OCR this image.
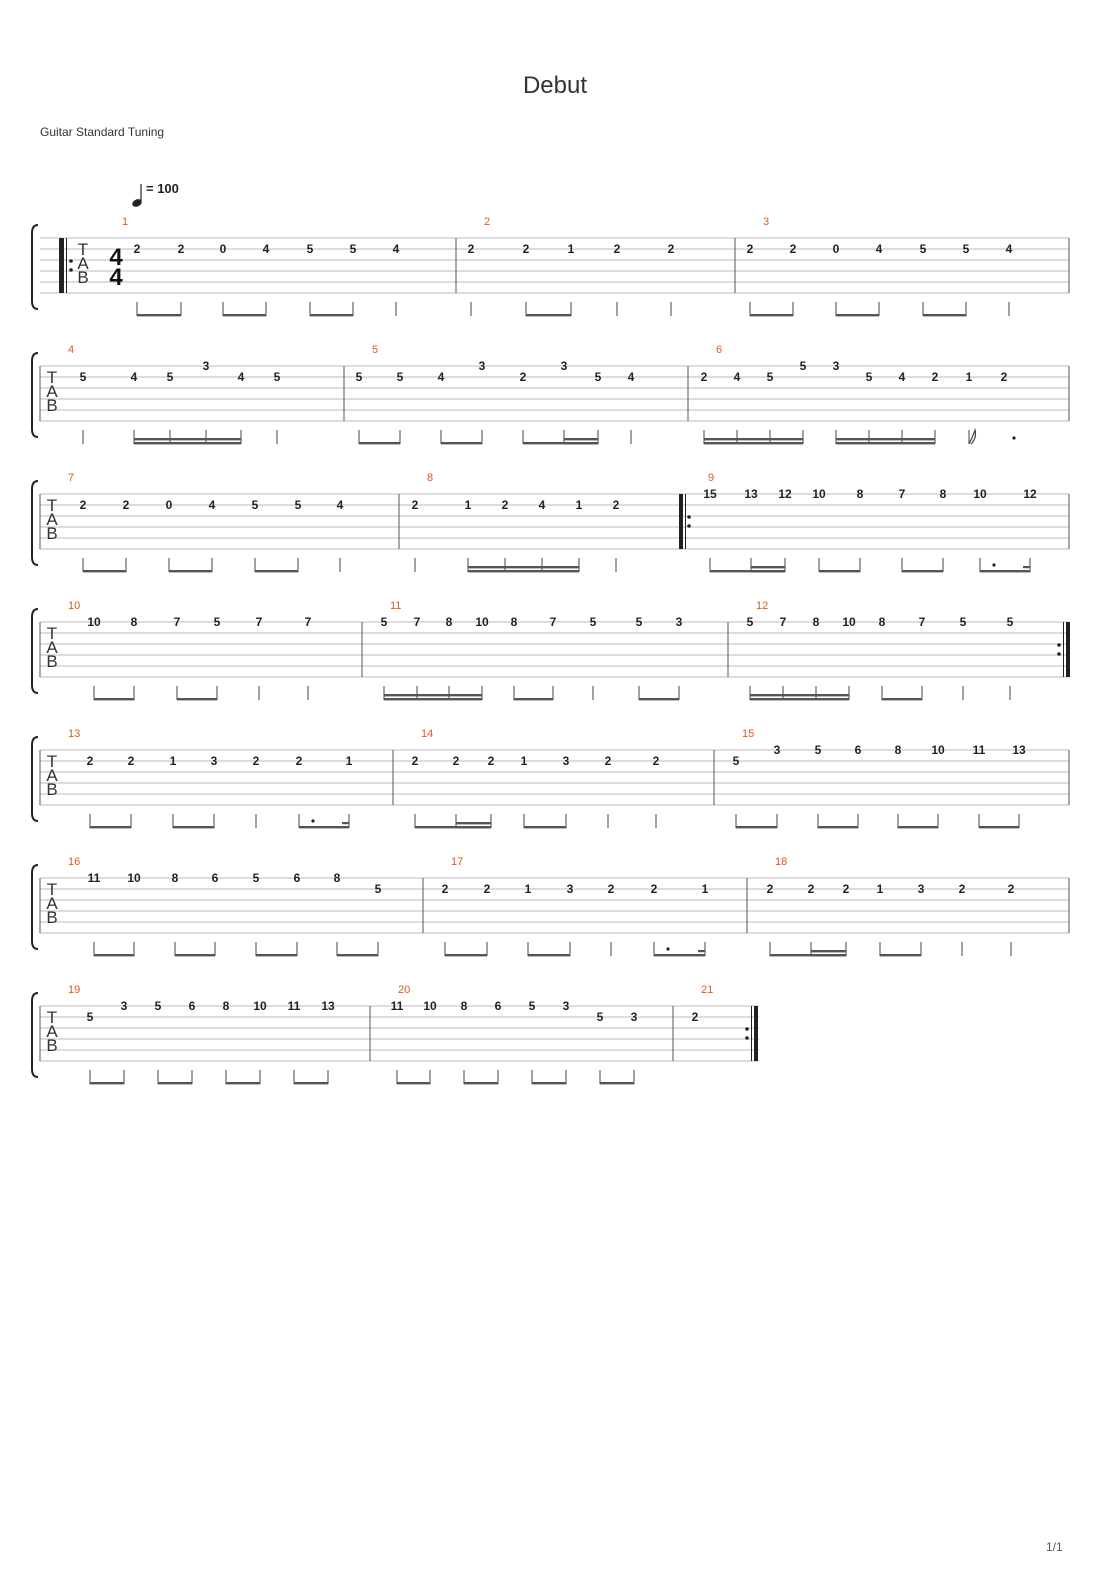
Debut
Guitar Standard Tuning
= 100
T
A
B
4
4
1
2	2	0	4	5	5	4
2
2	2	1	2	2
3
2	2	0	4	5	5	4
T
A
B
4
5	4 5
3
4 5
5
5	5	4
3
2
3
5 4
6
2 4 5
5 3
5 4 2 1 2
T
A
B
7
2	2	0	4	5	5	4
8
2	1	2	4	1	2
9
15 13 12 10	8	7	8 10	12
T
A
B
10
10 8	7	5	7	7
11
5 7 8 10 8	7	5	5	3
12
5 7 8 10 8	7	5	5
T
A
B
13
2	2	1	3	2	2	1
14
2	2 2 1	3	2	2
15
5
3	5	6	8 10 11 13
T
A
B
16
11 10	8	6	5	6	8
5
17
2	2	1	3	2	2	1
18
2	2 2 1	3	2	2
T
A
B
19
5
3 5 6 8 10 11 13
20
11 10 8 6 5 3
5 3
21
2
1/1
